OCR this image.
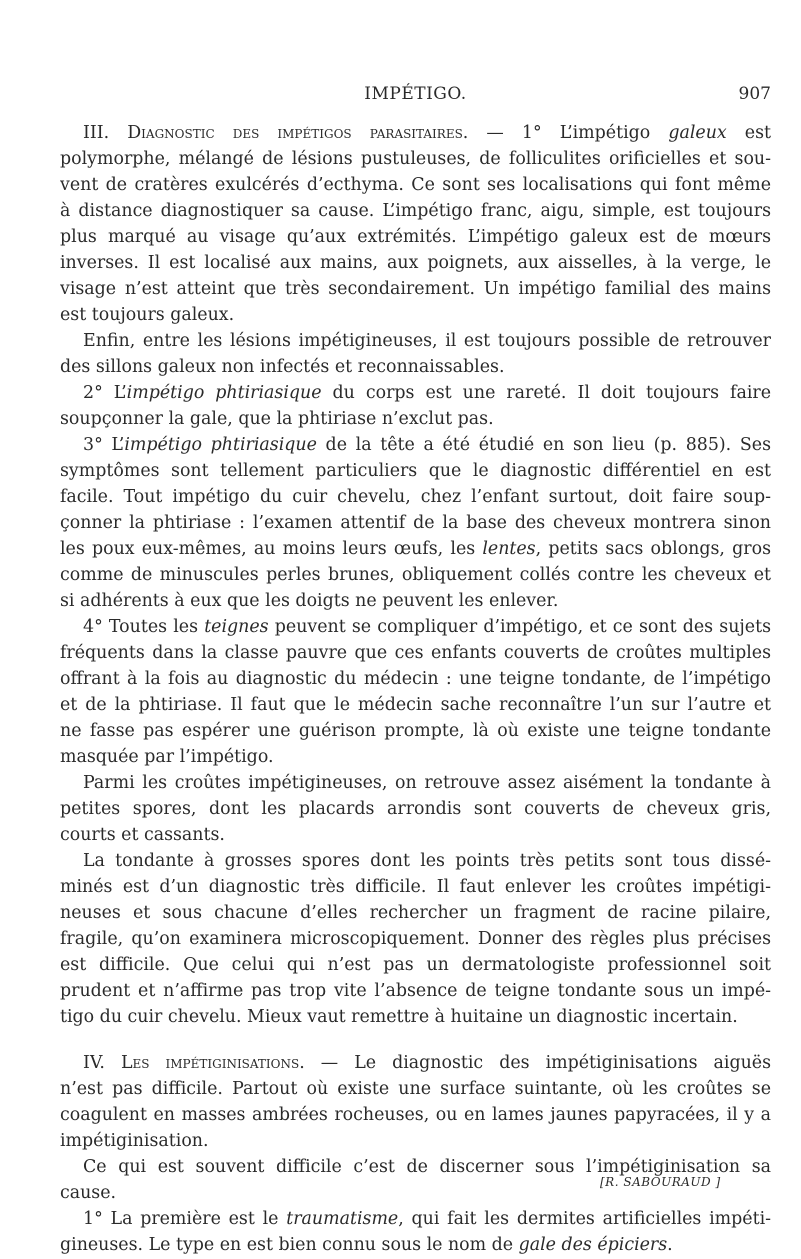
IMPÉTIGO.	907
III. Diagnostic des impétigos parasitaires. — 1° L’impétigo galeux est
polymorphe, mélangé de lésions pustuleuses, de folliculites orificielles et sou-
vent de cratères exulcérés d’ecthyma. Ce sont ses localisations qui font même
à distance diagnostiquer sa cause. L’impétigo franc, aigu, simple, est toujours
plus marqué au visage qu’aux extrémités. L’impétigo galeux est de mœurs
inverses. Il est localisé aux mains, aux poignets, aux aisselles, à la verge, le
visage n’est atteint que très secondairement. Un impétigo familial des mains
est toujours galeux.
Enfin, entre les lésions impétigineuses, il est toujours possible de retrouver
des sillons galeux non infectés et reconnaissables.
2° L’impétigo phtiriasique du corps est une rareté. Il doit toujours faire
soupçonner la gale, que la phtiriase n’exclut pas.
3° L’impétigo phtiriasique de la tête a été étudié en son lieu (p. 885). Ses
symptômes sont tellement particuliers que le diagnostic différentiel en est
facile. Tout impétigo du cuir chevelu, chez l’enfant surtout, doit faire soup-
çonner la phtiriase : l’examen attentif de la base des cheveux montrera sinon
les poux eux-mêmes, au moins leurs œufs, les lentes, petits sacs oblongs, gros
comme de minuscules perles brunes, obliquement collés contre les cheveux et
si adhérents à eux que les doigts ne peuvent les enlever.
4° Toutes les teignes peuvent se compliquer d’impétigo, et ce sont des sujets
fréquents dans la classe pauvre que ces enfants couverts de croûtes multiples
offrant à la fois au diagnostic du médecin : une teigne tondante, de l’impétigo
et de la phtiriase. Il faut que le médecin sache reconnaître l’un sur l’autre et
ne fasse pas espérer une guérison prompte, là où existe une teigne tondante
masquée par l’impétigo.
Parmi les croûtes impétigineuses, on retrouve assez aisément la tondante à
petites spores, dont les placards arrondis sont couverts de cheveux gris,
courts et cassants.
La tondante à grosses spores dont les points très petits sont tous dissé-
minés est d’un diagnostic très difficile. Il faut enlever les croûtes impétigi-
neuses et sous chacune d’elles rechercher un fragment de racine pilaire,
fragile, qu’on examinera microscopiquement. Donner des règles plus précises
est difficile. Que celui qui n’est pas un dermatologiste professionnel soit
prudent et n’affirme pas trop vite l’absence de teigne tondante sous un impé-
tigo du cuir chevelu. Mieux vaut remettre à huitaine un diagnostic incertain.
IV. Les impétiginisations. — Le diagnostic des impétiginisations aiguës
n’est pas difficile. Partout où existe une surface suintante, où les croûtes se
coagulent en masses ambrées rocheuses, ou en lames jaunes papyracées, il y a
impétiginisation.
Ce qui est souvent difficile c’est de discerner sous l’impétiginisation sa
cause.
1° La première est le traumatisme, qui fait les dermites artificielles impéti-
gineuses. Le type en est bien connu sous le nom de gale des épiciers.
[R. SABOURAUD ]
